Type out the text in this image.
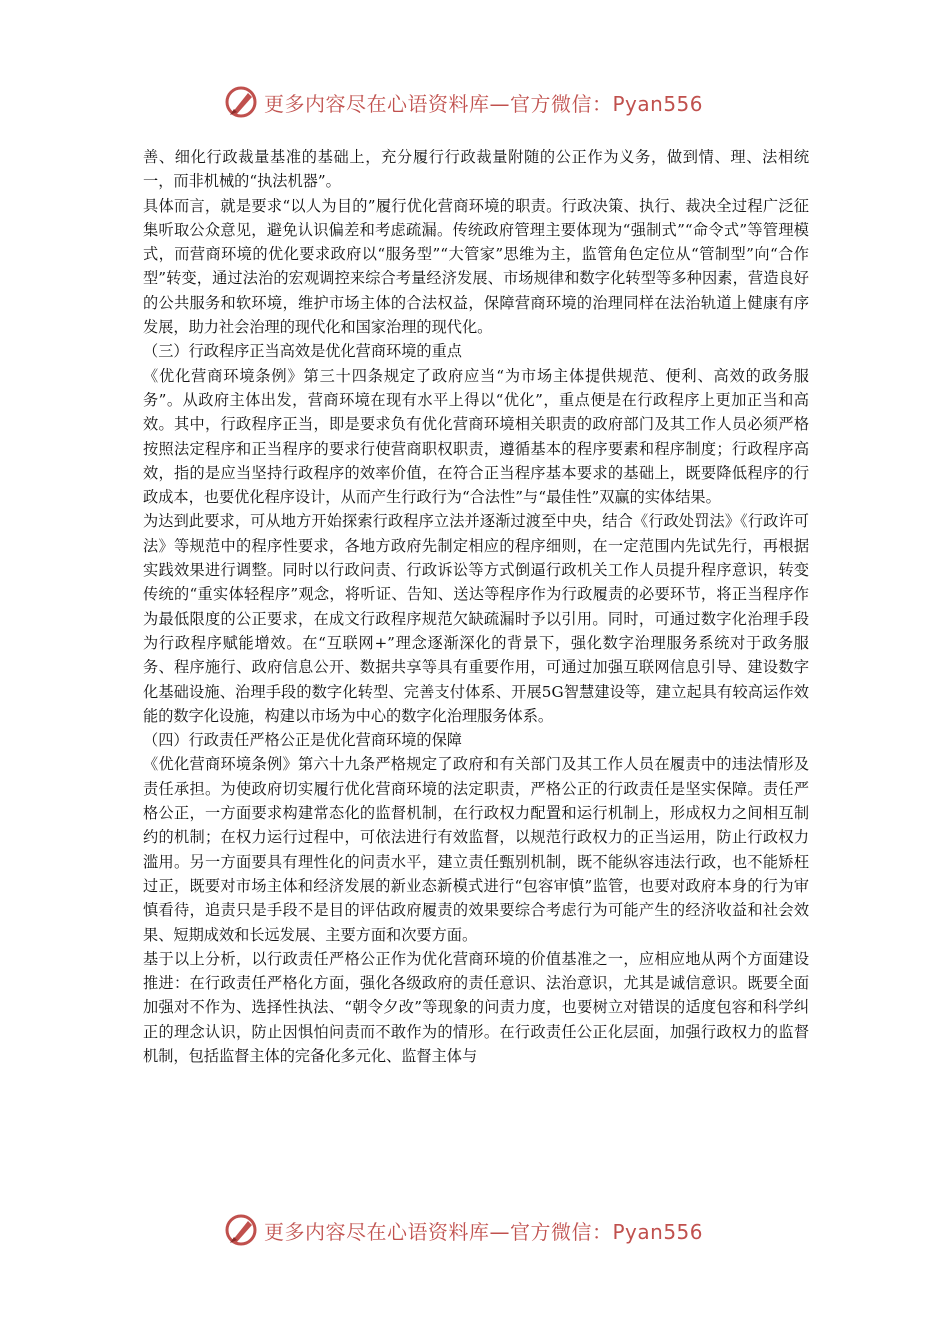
更多内容尽在心语资料库—官方微信：Pyan556

善、细化行政裁量基准的基础上，充分履行行政裁量附随的公正作为义务，做到情、理、法相统一，而非机械的“执法机器”。

具体而言，就是要求“以人为目的”履行优化营商环境的职责。行政决策、执行、裁决全过程广泛征集听取公众意见，避免认识偏差和考虑疏漏。传统政府管理主要体现为“强制式”“命令式”等管理模式，而营商环境的优化要求政府以“服务型”“大管家”思维为主，监管角色定位从“管制型”向“合作型”转变，通过法治的宏观调控来综合考量经济发展、市场规律和数字化转型等多种因素，营造良好的公共服务和软环境，维护市场主体的合法权益，保障营商环境的治理同样在法治轨道上健康有序发展，助力社会治理的现代化和国家治理的现代化。

（三）行政程序正当高效是优化营商环境的重点

《优化营商环境条例》第三十四条规定了政府应当“为市场主体提供规范、便利、高效的政务服务”。从政府主体出发，营商环境在现有水平上得以“优化”，重点便是在行政程序上更加正当和高效。其中，行政程序正当，即是要求负有优化营商环境相关职责的政府部门及其工作人员必须严格按照法定程序和正当程序的要求行使营商职权职责，遵循基本的程序要素和程序制度；行政程序高效，指的是应当坚持行政程序的效率价值，在符合正当程序基本要求的基础上，既要降低程序的行政成本，也要优化程序设计，从而产生行政行为“合法性”与“最佳性”双赢的实体结果。

为达到此要求，可从地方开始探索行政程序立法并逐渐过渡至中央，结合《行政处罚法》《行政许可法》等规范中的程序性要求，各地方政府先制定相应的程序细则，在一定范围内先试先行，再根据实践效果进行调整。同时以行政问责、行政诉讼等方式倒逼行政机关工作人员提升程序意识，转变传统的“重实体轻程序”观念，将听证、告知、送达等程序作为行政履责的必要环节，将正当程序作为最低限度的公正要求，在成文行政程序规范欠缺疏漏时予以引用。同时，可通过数字化治理手段为行政程序赋能增效。在“互联网+”理念逐渐深化的背景下，强化数字治理服务系统对于政务服务、程序施行、政府信息公开、数据共享等具有重要作用，可通过加强互联网信息引导、建设数字化基础设施、治理手段的数字化转型、完善支付体系、开展5G智慧建设等，建立起具有较高运作效能的数字化设施，构建以市场为中心的数字化治理服务体系。

（四）行政责任严格公正是优化营商环境的保障

《优化营商环境条例》第六十九条严格规定了政府和有关部门及其工作人员在履责中的违法情形及责任承担。为使政府切实履行优化营商环境的法定职责，严格公正的行政责任是坚实保障。责任严格公正，一方面要求构建常态化的监督机制，在行政权力配置和运行机制上，形成权力之间相互制约的机制；在权力运行过程中，可依法进行有效监督，以规范行政权力的正当运用，防止行政权力滥用。另一方面要具有理性化的问责水平，建立责任甄别机制，既不能纵容违法行政，也不能矫枉过正，既要对市场主体和经济发展的新业态新模式进行“包容审慎”监管，也要对政府本身的行为审慎看待，追责只是手段不是目的评估政府履责的效果要综合考虑行为可能产生的经济收益和社会效果、短期成效和长远发展、主要方面和次要方面。

基于以上分析，以行政责任严格公正作为优化营商环境的价值基准之一，应相应地从两个方面建设推进：在行政责任严格化方面，强化各级政府的责任意识、法治意识，尤其是诚信意识。既要全面加强对不作为、选择性执法、“朝令夕改”等现象的问责力度，也要树立对错误的适度包容和科学纠正的理念认识，防止因惧怕问责而不敢作为的情形。在行政责任公正化层面，加强行政权力的监督机制，包括监督主体的完备化多元化、监督主体与

更多内容尽在心语资料库—官方微信：Pyan556
